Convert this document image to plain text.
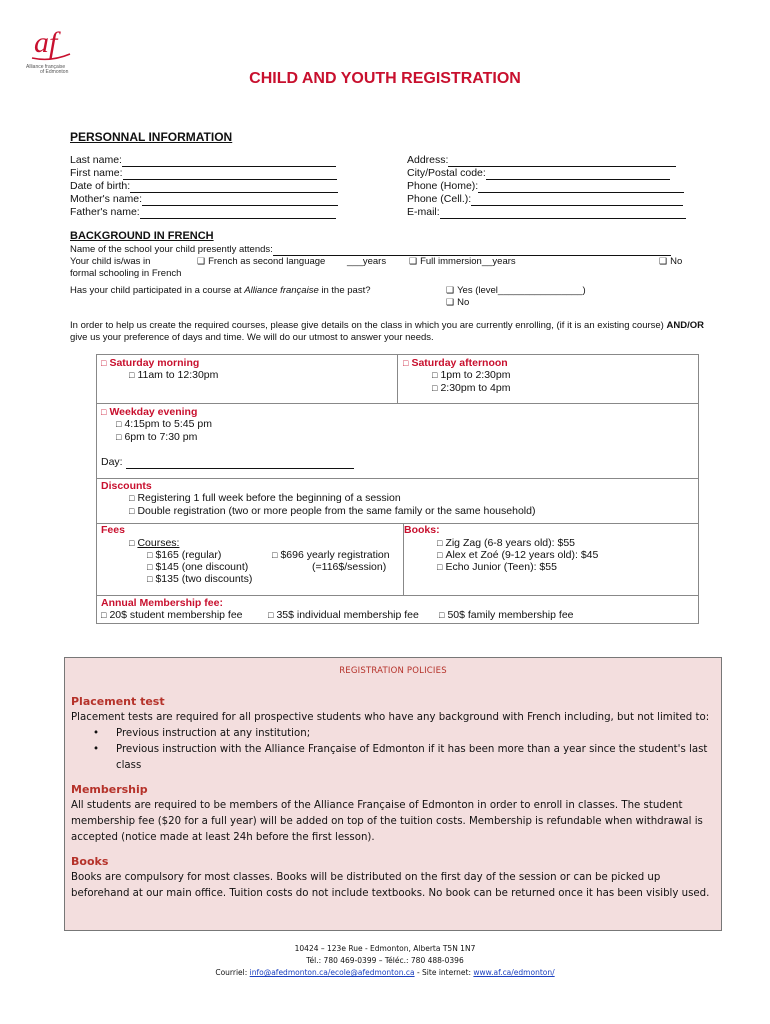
af
Alliance française
of Edmonton	CHILD AND YOUTH REGISTRATION
PERSONNAL INFORMATION
Last name:
First name:
Date of birth:
Mother's name:
Father's name:
Address:
City/Postal code:
Phone (Home):
Phone (Cell.):
E-mail:
BACKGROUND IN FRENCH
Name of the school your child presently attends:
Your child is/was in
formal schooling in French
❑ French as second language ___years	❑ Full immersion__years	❑ No
Has your child participated in a course at Alliance française in the past?	❑ Yes (level________________)
❑ No
In order to help us create the required courses, please give details on the class in which you are currently enrolling, (if it is an existing course) AND/OR give us your preference of days and time. We will do our utmost to answer your needs.
□ Saturday morning
□ 11am to 12:30pm
□ Saturday afternoon
□ 1pm to 2:30pm
□ 2:30pm to 4pm
□ Weekday evening
□ 4:15pm to 5:45 pm
□ 6pm to 7:30 pm
Day:
Discounts
□ Registering 1 full week before the beginning of a session
□ Double registration (two or more people from the same family or the same household)
Fees
□ Courses:
□ $165 (regular)
□ $145 (one discount)
□ $135 (two discounts)
□ $696 yearly registration
(=116$/session)
Books:
□ Zig Zag (6-8 years old): $55
□ Alex et Zoé (9-12 years old): $45
□ Echo Junior (Teen): $55
Annual Membership fee:
□ 20$ student membership fee	□ 35$ individual membership fee □ 50$ family membership fee
REGISTRATION POLICIES
Placement test
Placement tests are required for all prospective students who have any background with French including, but not limited to:
•	Previous instruction at any institution;
•	Previous instruction with the Alliance Française of Edmonton if it has been more than a year since the student's last class
Membership
All students are required to be members of the Alliance Française of Edmonton in order to enroll in classes. The student membership fee ($20 for a full year) will be added on top of the tuition costs. Membership is refundable when withdrawal is accepted (notice made at least 24h before the first lesson).
Books
Books are compulsory for most classes. Books will be distributed on the first day of the session or can be picked up beforehand at our main office. Tuition costs do not include textbooks. No book can be returned once it has been visibly used.
10424 – 123e Rue - Edmonton, Alberta T5N 1N7
Tél.: 780 469-0399 – Téléc.: 780 488-0396
Courriel: info@afedmonton.ca/ecole@afedmonton.ca - Site internet: www.af.ca/edmonton/
